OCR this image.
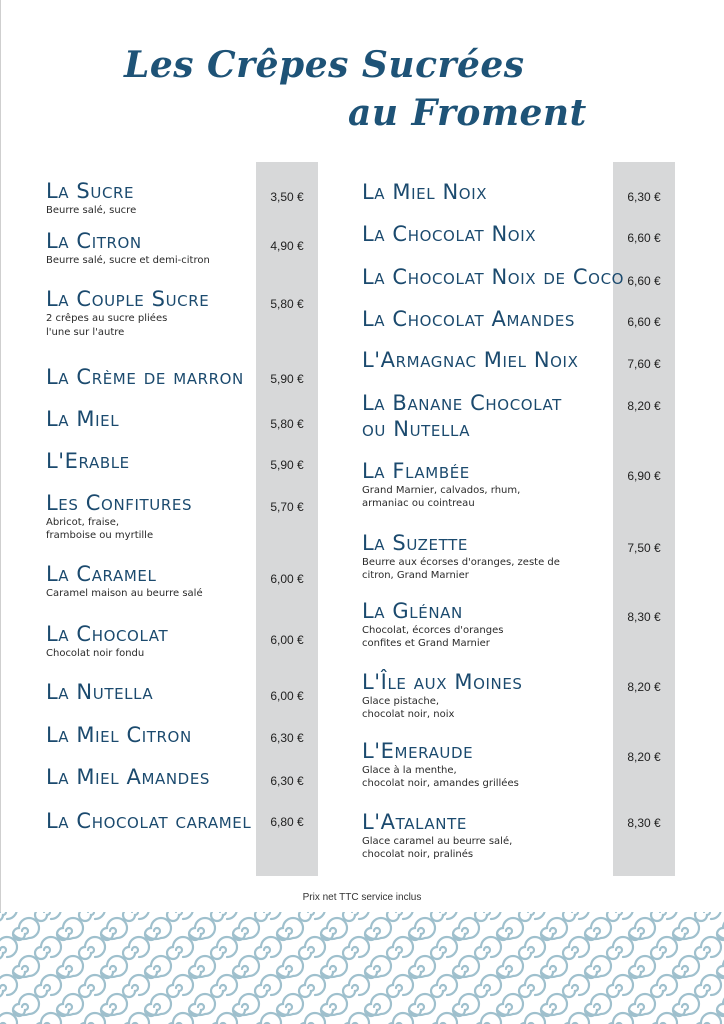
Les Crêpes Sucrées
au Froment
La Sucre
Beurre salé, sucre
3,50 €
La Citron
Beurre salé, sucre et demi-citron
4,90 €
La Couple Sucre
2 crêpes au sucre pliées
l'une sur l'autre
5,80 €
La Crème de marron	5,90 €
La Miel	5,80 €
L'Erable	5,90 €
Les Confitures
Abricot, fraise,
framboise ou myrtille
5,70 €
La Caramel
Caramel maison au beurre salé
6,00 €
La Chocolat
Chocolat noir fondu
6,00 €
La Nutella	6,00 €
La Miel Citron	6,30 €
La Miel Amandes	6,30 €
La Chocolat caramel	6,80 €
La Miel Noix	6,30 €
La Chocolat Noix	6,60 €
La Chocolat Noix de Coco 6,60 €
La Chocolat Amandes	6,60 €
L'Armagnac Miel Noix	7,60 €
La Banane Chocolat
ou Nutella
8,20 €
La Flambée
Grand Marnier, calvados, rhum,
armaniac ou cointreau
6,90 €
La Suzette
Beurre aux écorses d'oranges, zeste de
citron, Grand Marnier
7,50 €
La Glénan
Chocolat, écorces d'oranges
confites et Grand Marnier
8,30 €
L'Île aux Moines
Glace pistache,
chocolat noir, noix
8,20 €
L'Emeraude
Glace à la menthe,
chocolat noir, amandes grillées
8,20 €
L'Atalante
Glace caramel au beurre salé,
chocolat noir, pralinés
8,30 €
Prix net TTC service inclus
